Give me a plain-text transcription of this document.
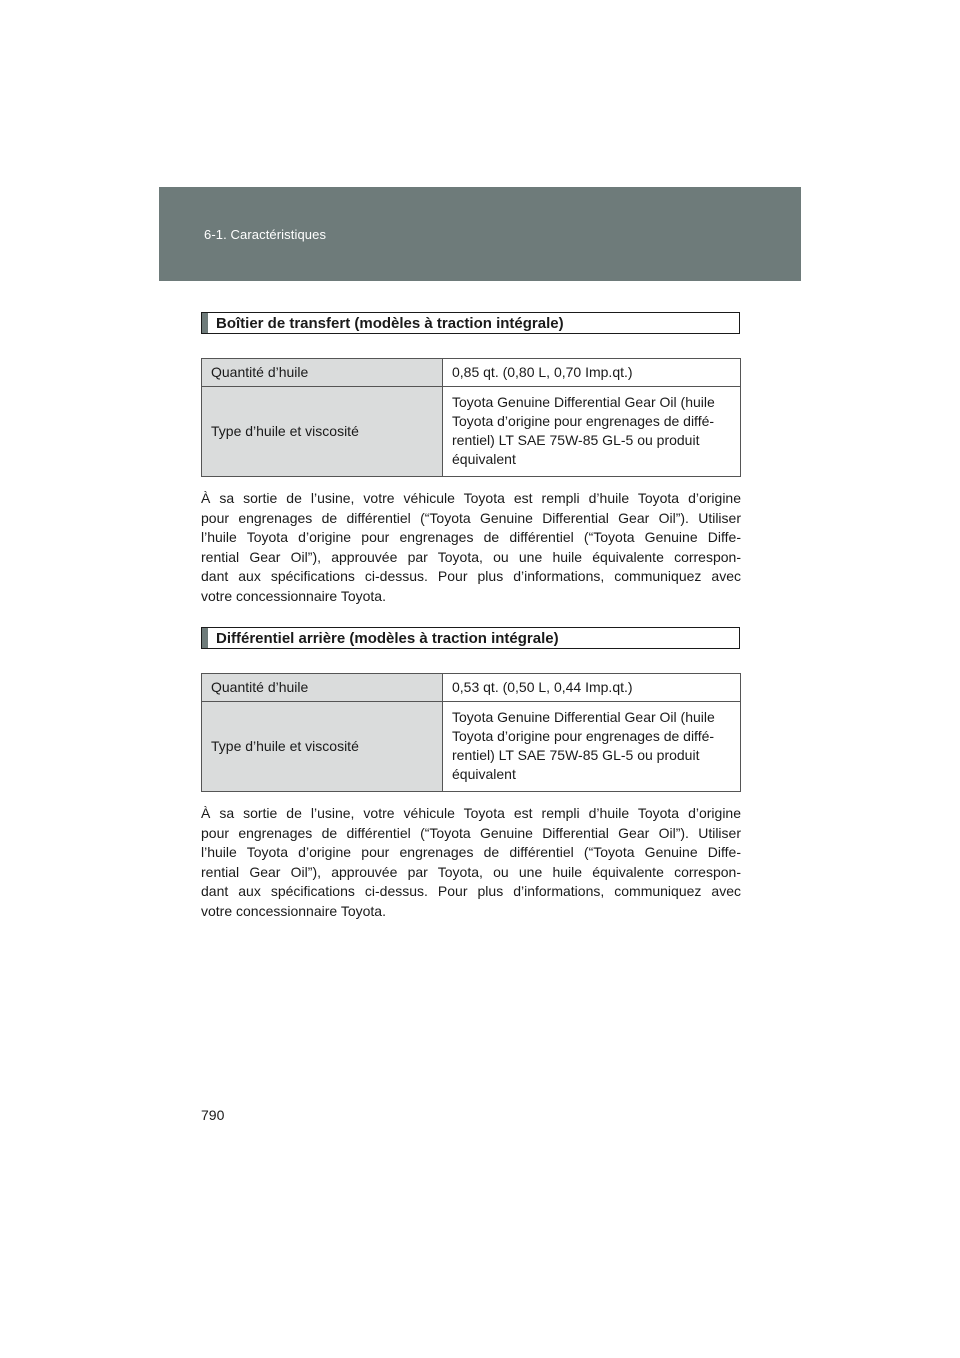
6-1. Caractéristiques
Boîtier de transfert (modèles à traction intégrale)
Quantité d’huile	0,85 qt. (0,80 L, 0,70 Imp.qt.)
Type d’huile et viscosité	Toyota Genuine Differential Gear Oil (huile
Toyota d’origine pour engrenages de diffé-
rentiel) LT SAE 75W-85 GL-5 ou produit
équivalent
À sa sortie de l’usine, votre véhicule Toyota est rempli d’huile Toyota d’origine
pour engrenages de différentiel (“Toyota Genuine Differential Gear Oil”). Utiliser
l’huile Toyota d’origine pour engrenages de différentiel (“Toyota Genuine Diffe-
rential Gear Oil”), approuvée par Toyota, ou une huile équivalente correspon-
dant aux spécifications ci-dessus. Pour plus d’informations, communiquez avec
votre concessionnaire Toyota.
Différentiel arrière (modèles à traction intégrale)
Quantité d’huile	0,53 qt. (0,50 L, 0,44 Imp.qt.)
Type d’huile et viscosité	Toyota Genuine Differential Gear Oil (huile
Toyota d’origine pour engrenages de diffé-
rentiel) LT SAE 75W-85 GL-5 ou produit
équivalent
À sa sortie de l’usine, votre véhicule Toyota est rempli d’huile Toyota d’origine
pour engrenages de différentiel (“Toyota Genuine Differential Gear Oil”). Utiliser
l’huile Toyota d’origine pour engrenages de différentiel (“Toyota Genuine Diffe-
rential Gear Oil”), approuvée par Toyota, ou une huile équivalente correspon-
dant aux spécifications ci-dessus. Pour plus d’informations, communiquez avec
votre concessionnaire Toyota.
790
